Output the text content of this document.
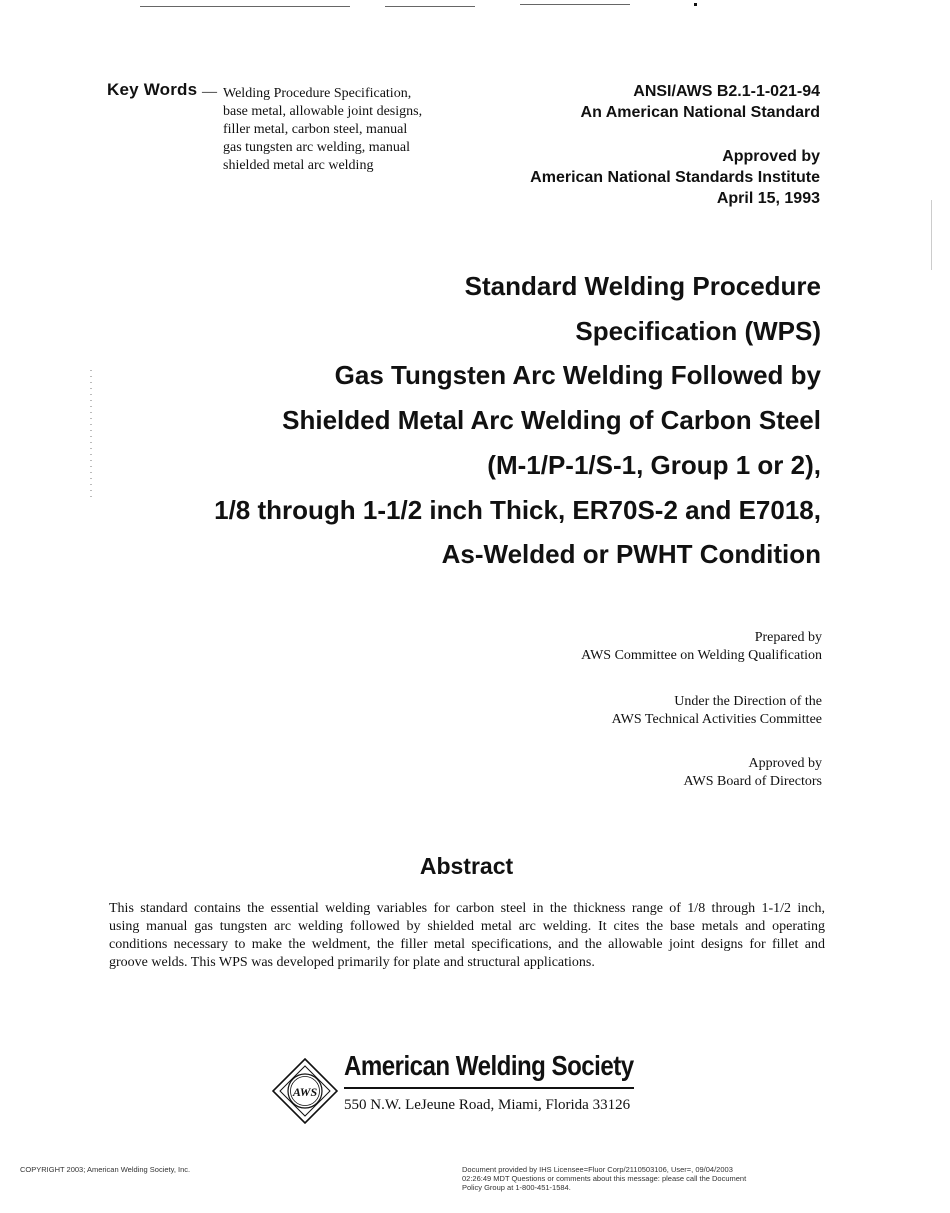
Key Words — Welding Procedure Specification,
base metal, allowable joint designs,
filler metal, carbon steel, manual
gas tungsten arc welding, manual
shielded metal arc welding
ANSI/AWS B2.1-1-021-94
An American National Standard
Approved by
American National Standards Institute
April 15, 1993
Standard Welding Procedure
Specification (WPS)
Gas Tungsten Arc Welding Followed by
Shielded Metal Arc Welding of Carbon Steel
(M-1/P-1/S-1, Group 1 or 2),
1/8 through 1-1/2 inch Thick, ER70S-2 and E7018,
As-Welded or PWHT Condition
Prepared by
AWS Committee on Welding Qualification
Under the Direction of the
AWS Technical Activities Committee
Approved by
AWS Board of Directors
Abstract
This standard contains the essential welding variables for carbon steel in the thickness range of 1/8 through 1-1/2 inch,
using manual gas tungsten arc welding followed by shielded metal arc welding. It cites the base metals and operating
conditions necessary to make the weldment, the filler metal specifications, and the allowable joint designs for fillet and
groove welds. This WPS was developed primarily for plate and structural applications.
AWS
American Welding Society
550 N.W. LeJeune Road, Miami, Florida 33126
COPYRIGHT 2003; American Welding Society, Inc.	Document provided by IHS Licensee=Fluor Corp/2110503106, User=, 09/04/2003
02:26:49 MDT Questions or comments about this message: please call the Document
Policy Group at 1-800-451-1584.
